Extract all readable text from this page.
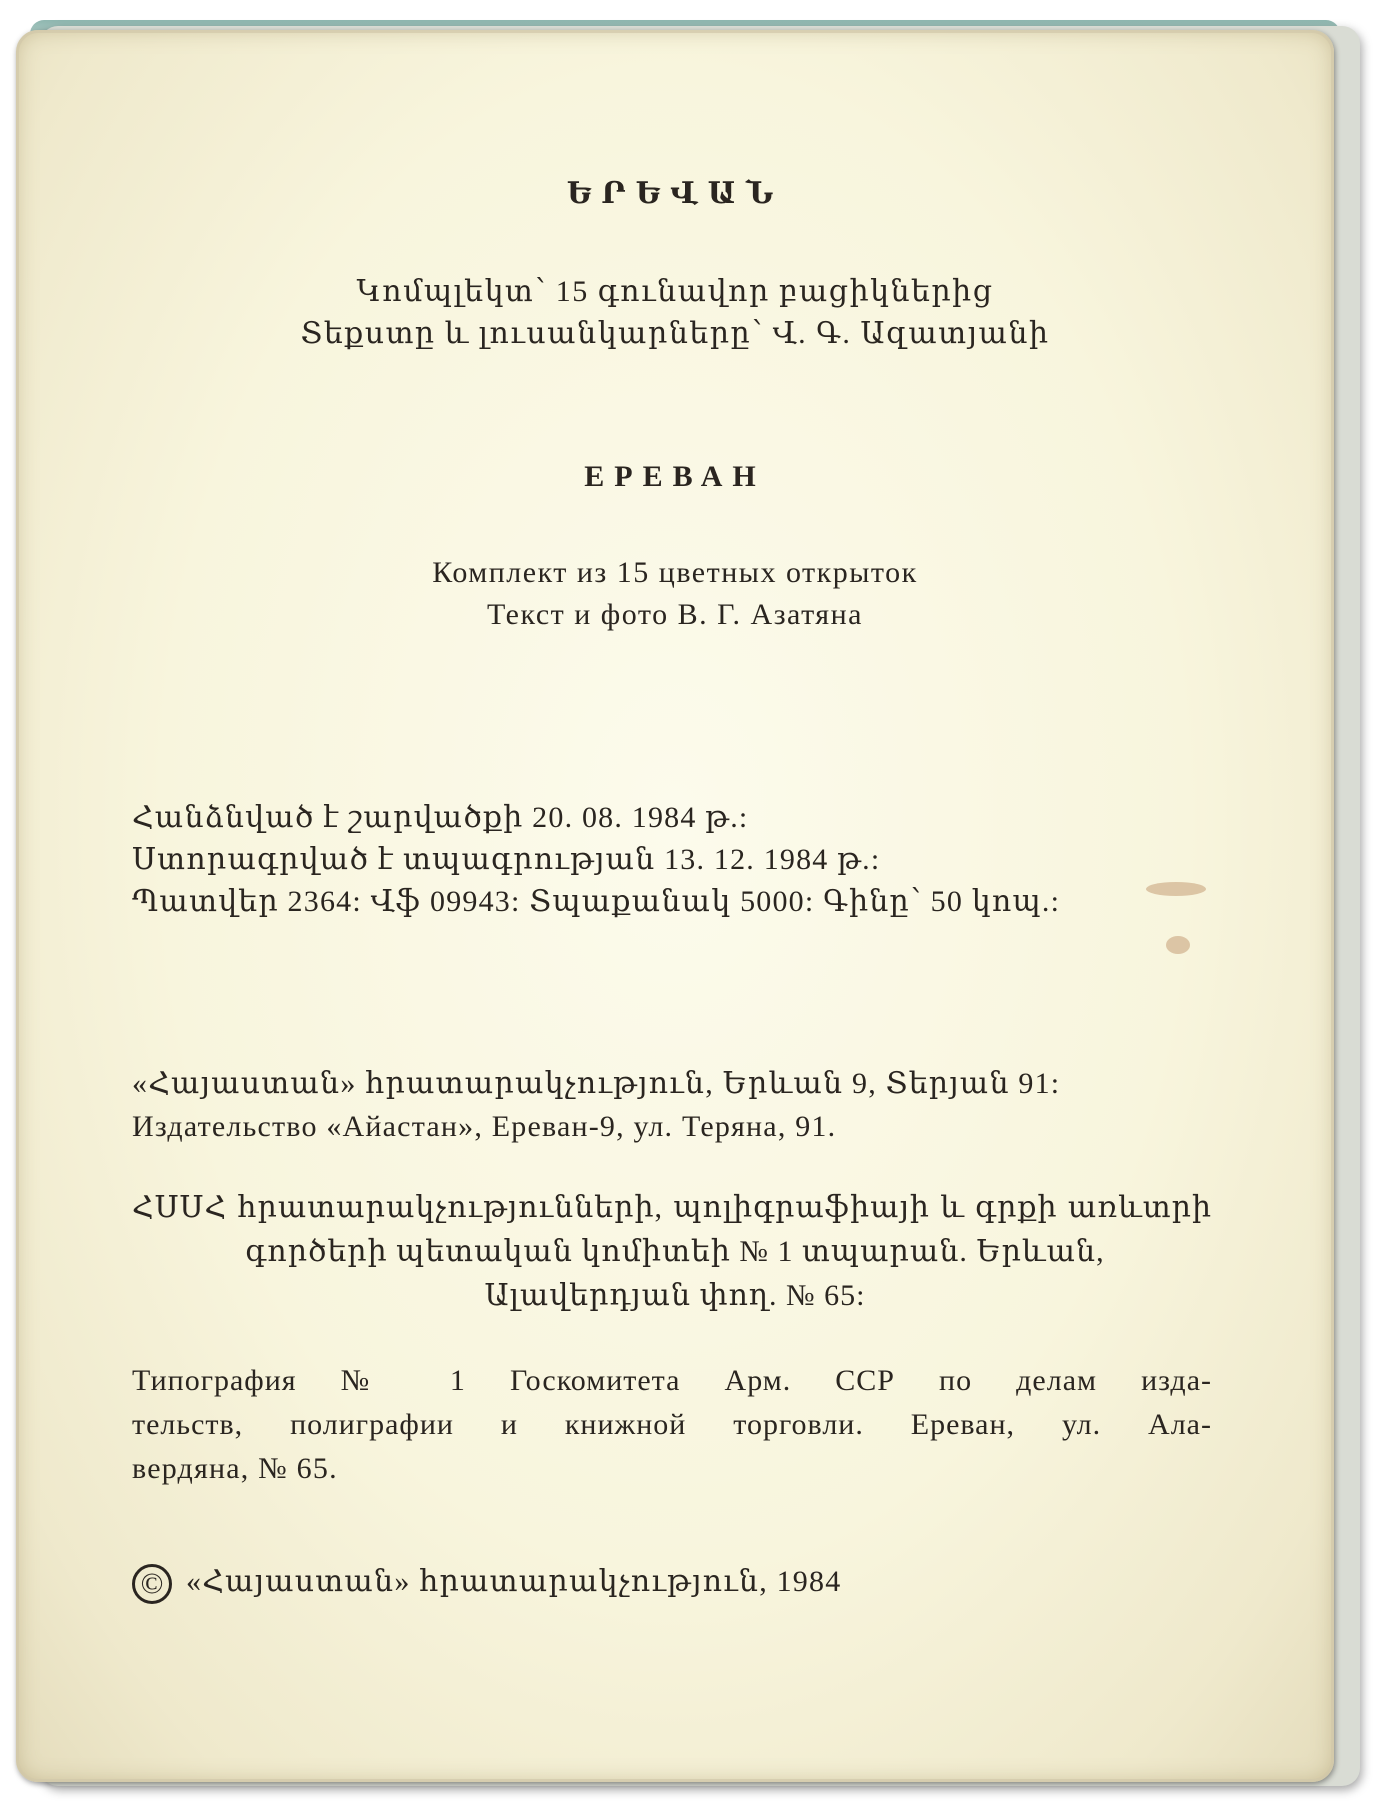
ԵՐԵՎԱՆ
Կոմպլեկտ՝ 15 գունավոր բացիկներից
Տեքստը և լուսանկարները՝ Վ. Գ. Ազատյանի
ЕРЕВАН
Комплект из 15 цветных открыток
Текст и фото В. Г. Азатяна
Հանձնված է շարվածքի 20. 08. 1984 թ.:
Ստորագրված է տպագրության 13. 12. 1984 թ.:
Պատվեր 2364: Վֆ 09943: Տպաքանակ 5000: Գինը՝ 50 կոպ.:
«Հայաստան» հրատարակչություն, Երևան 9, Տերյան 91:
Издательство «Айастан», Ереван-9, ул. Теряна, 91.
ՀՍՍՀ հրատարակչությունների, պոլիգրաֆիայի և գրքի առևտրի
գործերի պետական կոմիտեի № 1 տպարան. Երևան,
Ալավերդյան փող. № 65:
Типография № 1 Госкомитета Арм. ССР по делам изда-
тельств, полиграфии и книжной торговли. Ереван, ул. Ала-
вердяна, № 65.
© «Հայաստան» հրատարակչություն, 1984
